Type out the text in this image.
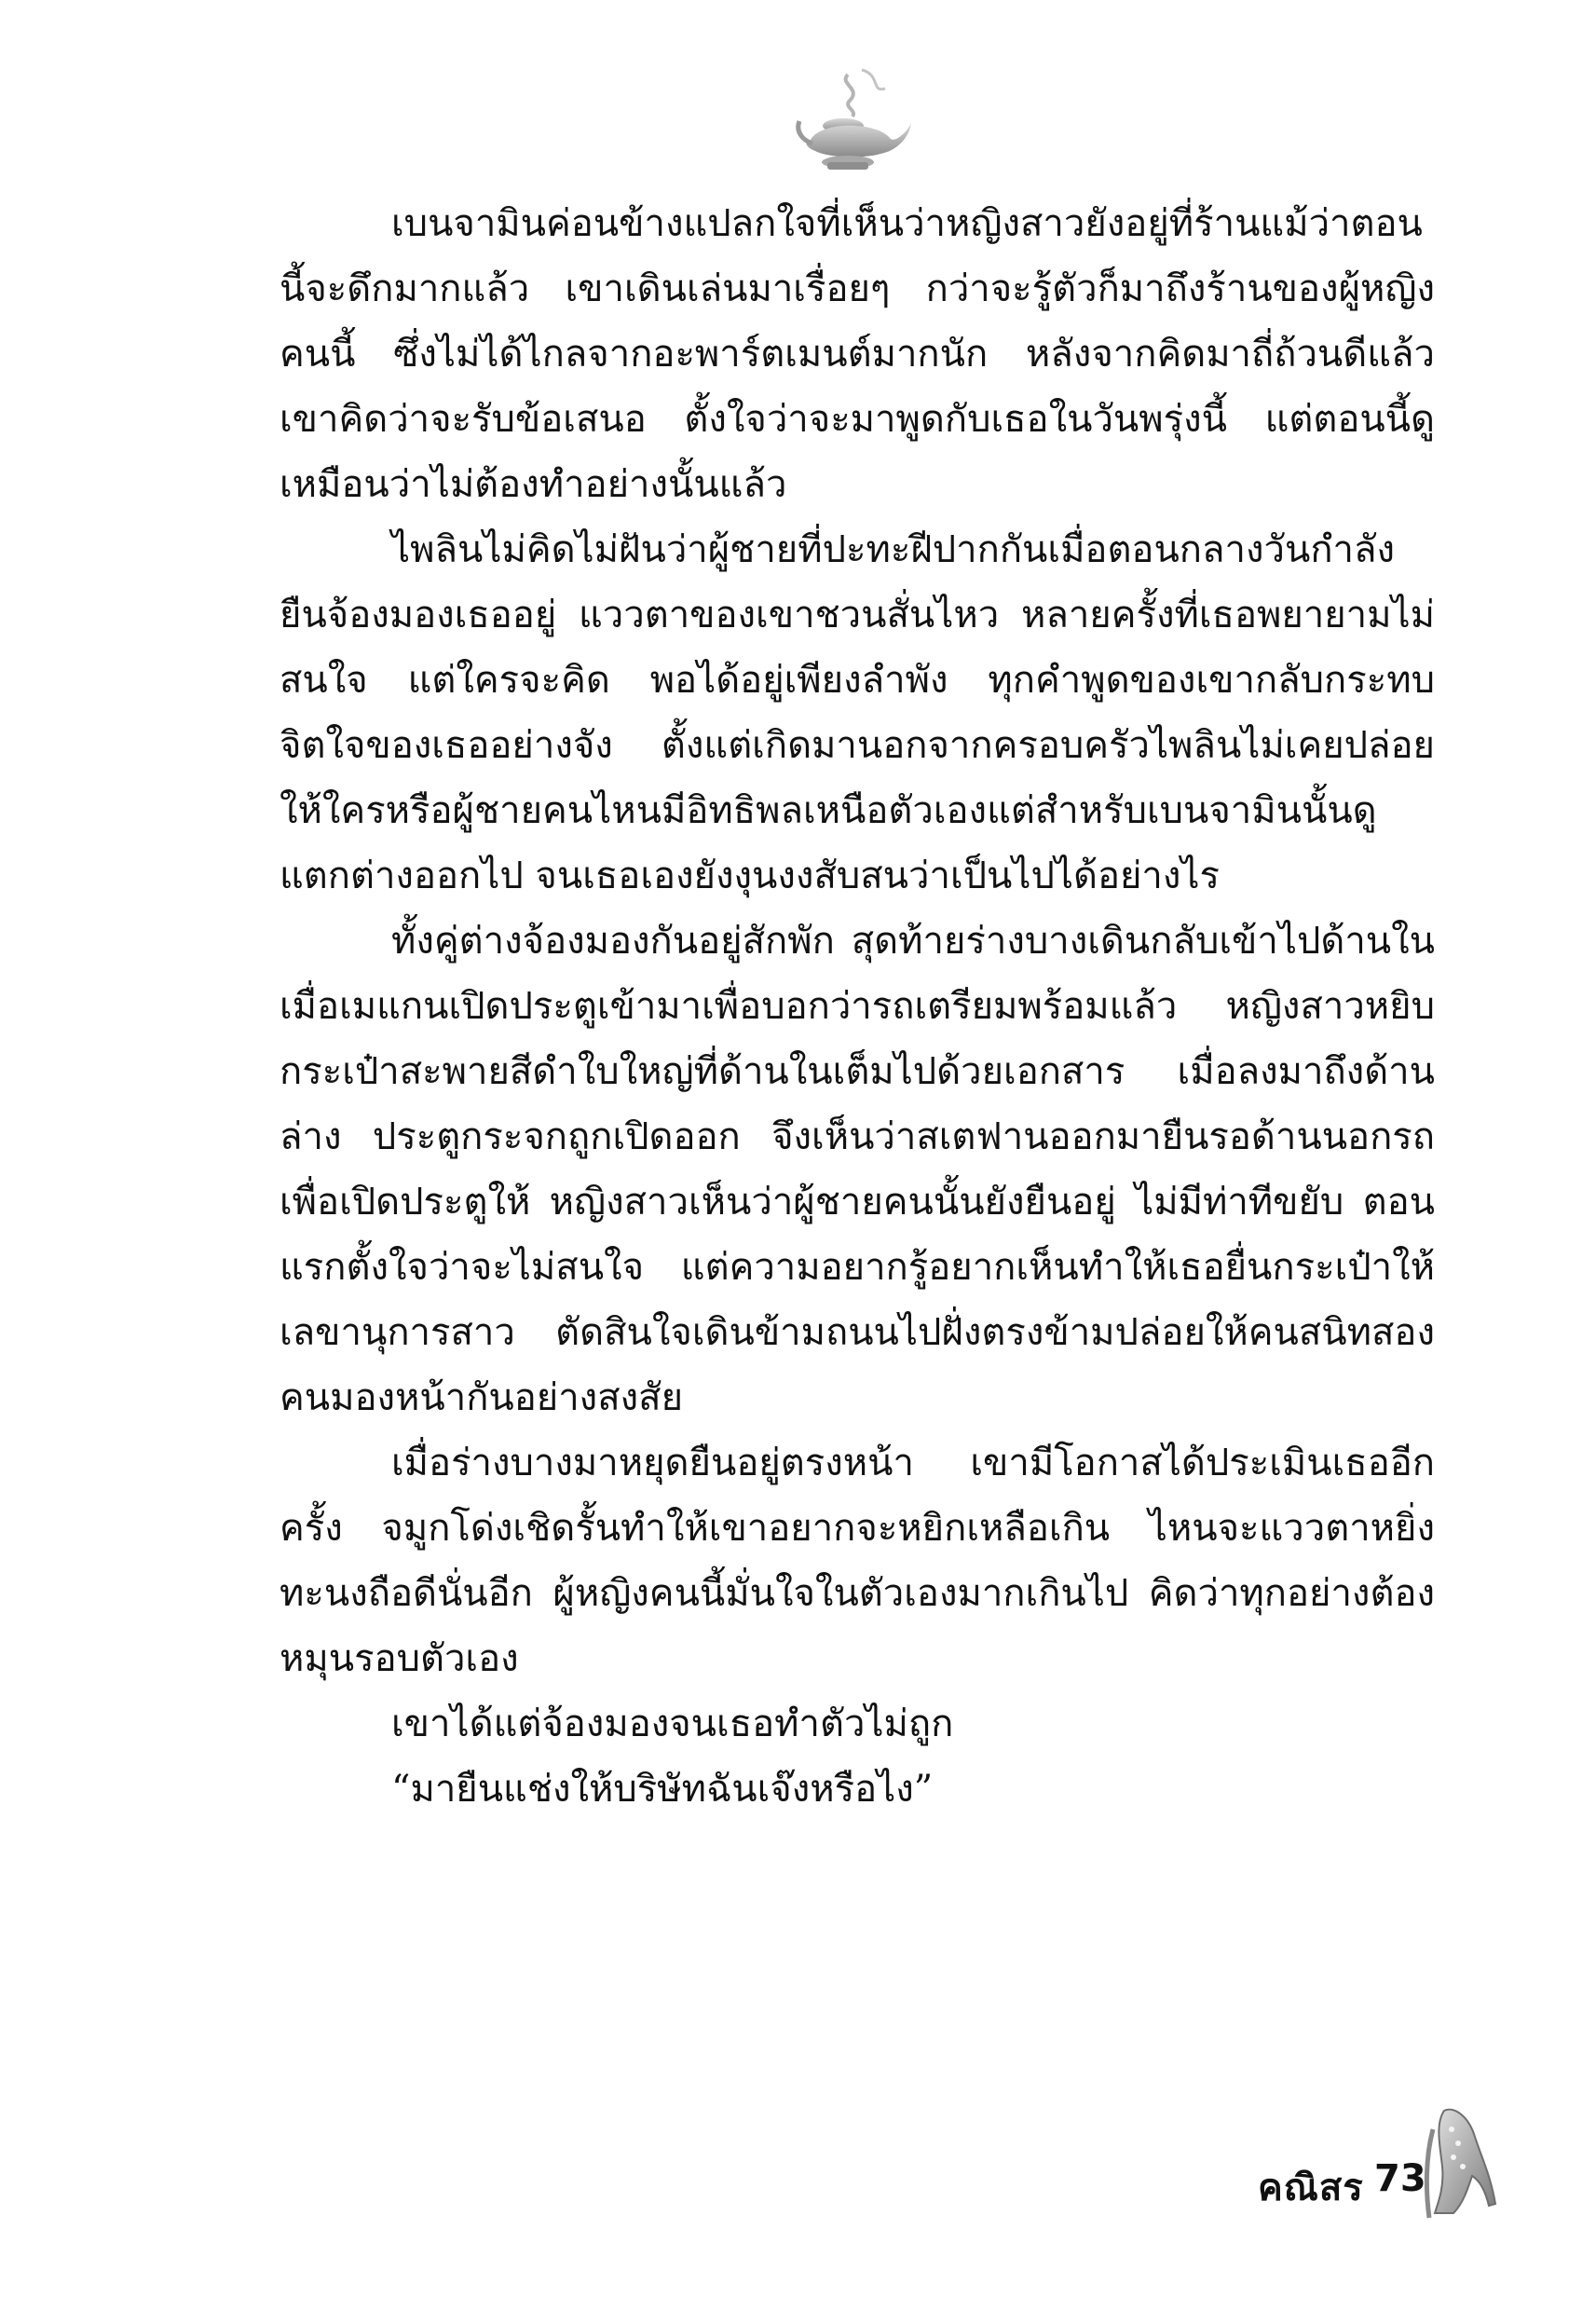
เบนจามินค่อนข้างแปลกใจที่เห็นว่าหญิงสาวยังอยู่ที่ร้านแม้ว่าตอนนี้จะดึกมากแล้ว เขาเดินเล่นมาเรื่อยๆ กว่าจะรู้ตัวก็มาถึงร้านของผู้หญิงคนนี้ ซึ่งไม่ได้ไกลจากอะพาร์ตเมนต์มากนัก หลังจากคิดมาถี่ถ้วนดีแล้ว เขาคิดว่าจะรับข้อเสนอ ตั้งใจว่าจะมาพูดกับเธอในวันพรุ่งนี้ แต่ตอนนี้ดูเหมือนว่าไม่ต้องทำอย่างนั้นแล้ว

ไพลินไม่คิดไม่ฝันว่าผู้ชายที่ปะทะฝีปากกันเมื่อตอนกลางวันกำลังยืนจ้องมองเธออยู่ แววตาของเขาชวนสั่นไหว หลายครั้งที่เธอพยายามไม่สนใจ แต่ใครจะคิด พอได้อยู่เพียงลำพัง ทุกคำพูดของเขากลับกระทบจิตใจของเธออย่างจัง ตั้งแต่เกิดมานอกจากครอบครัวไพลินไม่เคยปล่อยให้ใครหรือผู้ชายคนไหนมีอิทธิพลเหนือตัวเองแต่สำหรับเบนจามินนั้นดูแตกต่างออกไป จนเธอเองยังงุนงงสับสนว่าเป็นไปได้อย่างไร

ทั้งคู่ต่างจ้องมองกันอยู่สักพัก สุดท้ายร่างบางเดินกลับเข้าไปด้านในเมื่อเมแกนเปิดประตูเข้ามาเพื่อบอกว่ารถเตรียมพร้อมแล้ว หญิงสาวหยิบกระเป๋าสะพายสีดำใบใหญ่ที่ด้านในเต็มไปด้วยเอกสาร เมื่อลงมาถึงด้านล่าง ประตูกระจกถูกเปิดออก จึงเห็นว่าสเตฟานออกมายืนรอด้านนอกรถเพื่อเปิดประตูให้ หญิงสาวเห็นว่าผู้ชายคนนั้นยังยืนอยู่ ไม่มีท่าทีขยับ ตอนแรกตั้งใจว่าจะไม่สนใจ แต่ความอยากรู้อยากเห็นทำให้เธอยื่นกระเป๋าให้เลขานุการสาว ตัดสินใจเดินข้ามถนนไปฝั่งตรงข้ามปล่อยให้คนสนิทสองคนมองหน้ากันอย่างสงสัย

เมื่อร่างบางมาหยุดยืนอยู่ตรงหน้า เขามีโอกาสได้ประเมินเธออีกครั้ง จมูกโด่งเชิดรั้นทำให้เขาอยากจะหยิกเหลือเกิน ไหนจะแววตาหยิ่งทะนงถือดีนั่นอีก ผู้หญิงคนนี้มั่นใจในตัวเองมากเกินไป คิดว่าทุกอย่างต้องหมุนรอบตัวเอง

เขาได้แต่จ้องมองจนเธอทำตัวไม่ถูก

“มายืนแช่งให้บริษัทฉันเจ๊งหรือไง”

คณิสร 73
